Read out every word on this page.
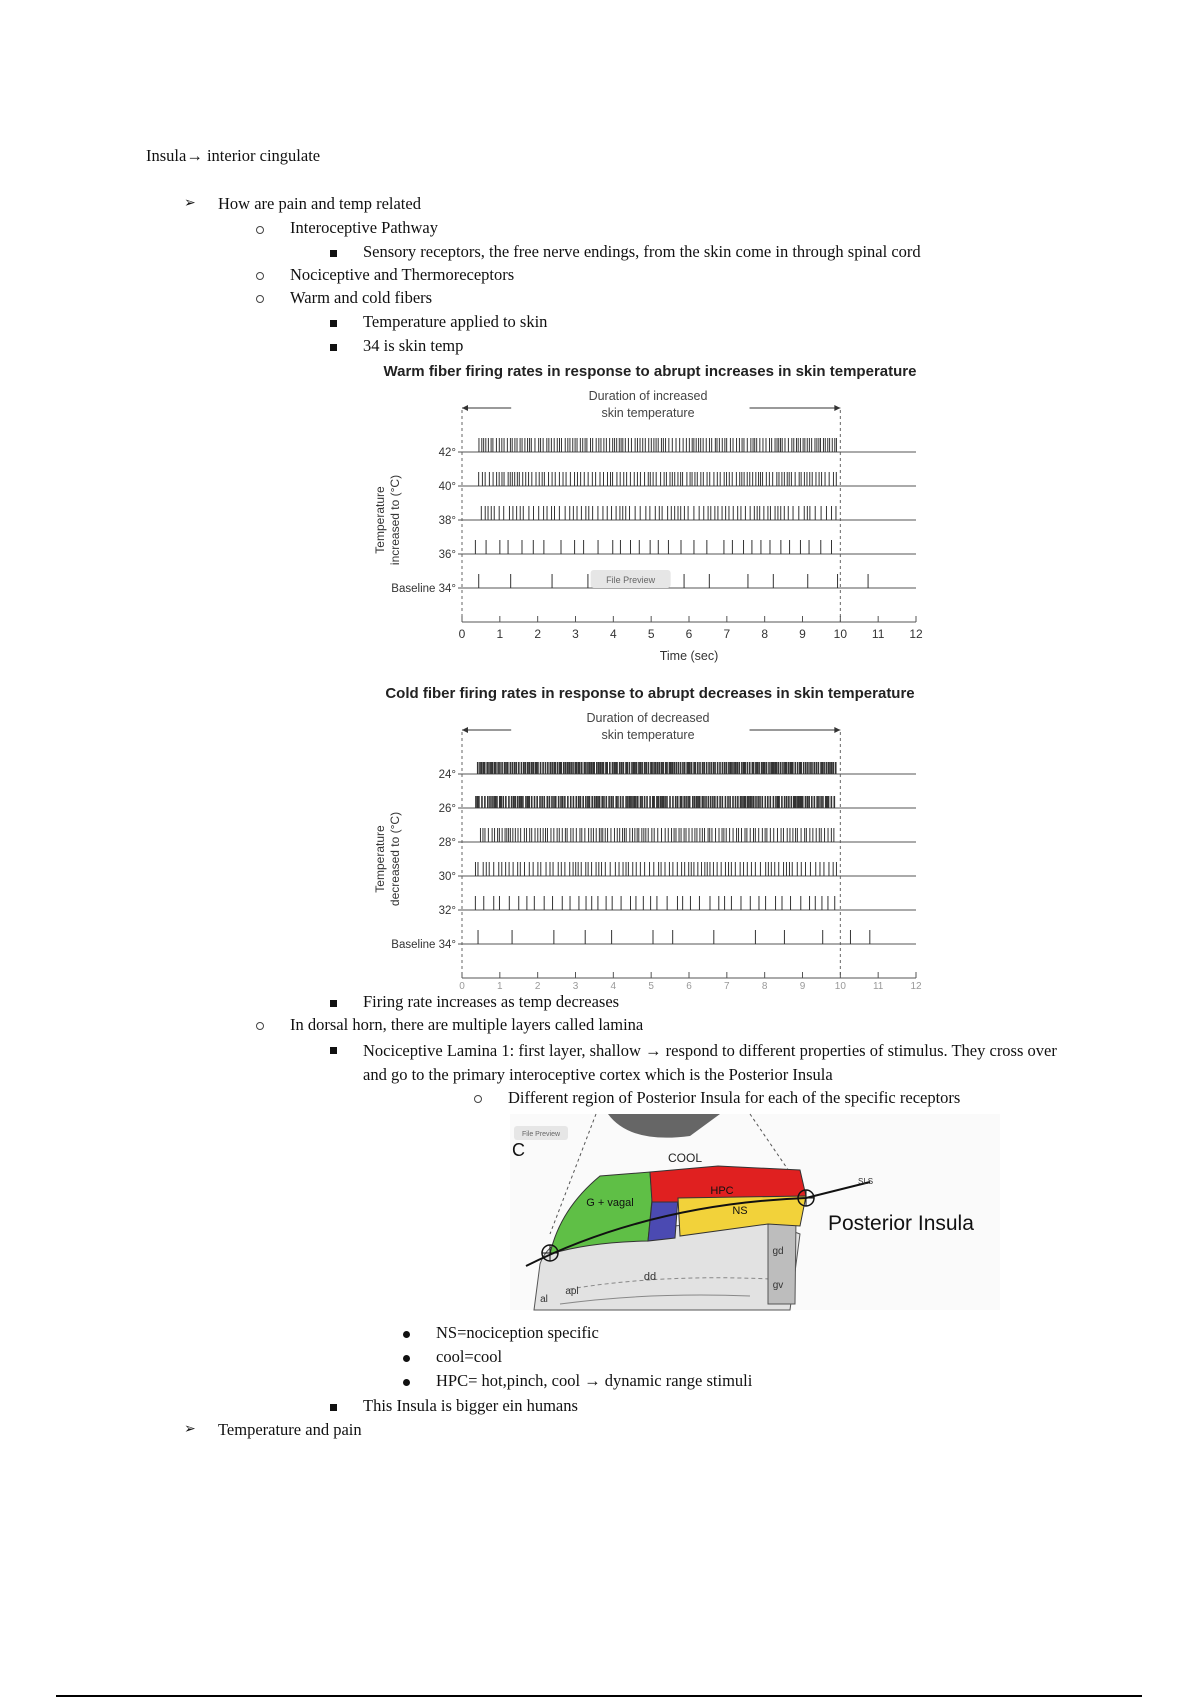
Insula→ interior cingulate
➢ How are pain and temp related
Interoceptive Pathway
Sensory receptors, the free nerve endings, from the skin come in through spinal cord
Nociceptive and Thermoreceptors
Warm and cold fibers
Temperature applied to skin
34 is skin temp
Warm fiber firing rates in response to abrupt increases in skin temperature
Duration of increased
skin temperature
Temperatureincreased to (°C)
42°
40°
38°
36°
Baseline 34°
0	1	2	3	4	5	6	7	8	9 10 11 12
Time (sec)
File Preview
Cold fiber firing rates in response to abrupt decreases in skin temperature
Duration of decreased
skin temperature
Temperaturedecreased to (°C)
24°
26°
28°
30°
32°
Baseline 34°
0	1	2	3	4	5	6	7	8	9	10	11	12
Firing rate increases as temp decreases
In dorsal horn, there are multiple layers called lamina
Nociceptive Lamina 1: first layer, shallow → respond to different properties of stimulus. They cross over and go to the primary interoceptive cortex which is the Posterior Insula
Different region of Posterior Insula for each of the specific receptors
File Preview
C	COOL
HPC
NS
G + vagal
dd
apl
al
gd
gv
SLS
Posterior Insula
NS=nociception specific
cool=cool
HPC= hot,pinch, cool → dynamic range stimuli
This Insula is bigger ein humans
➢ Temperature and pain
